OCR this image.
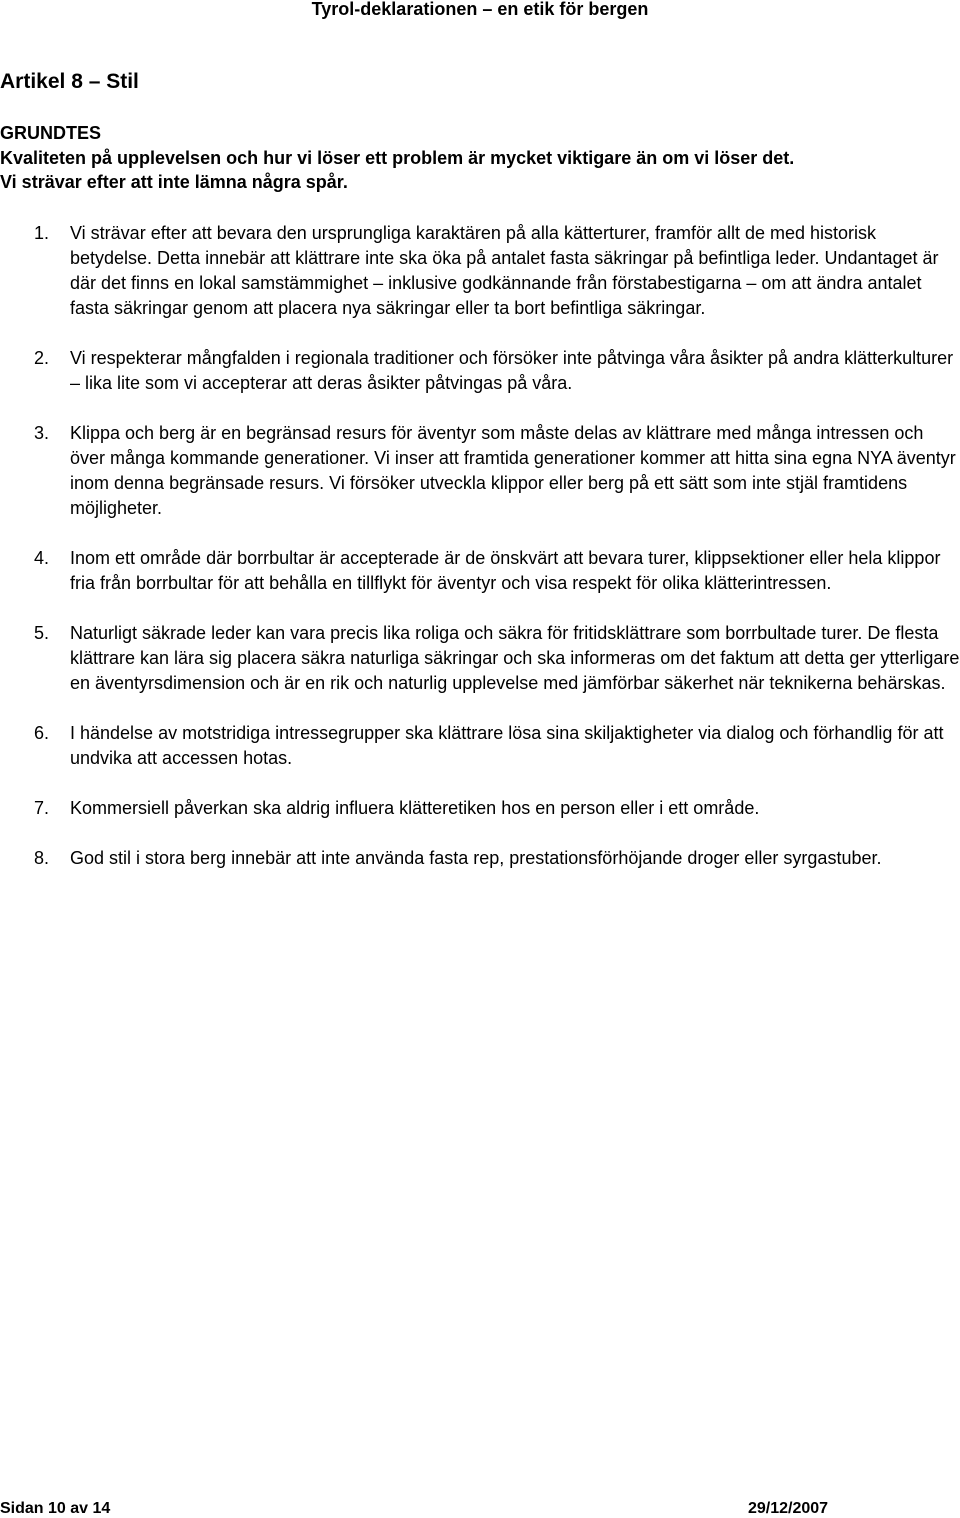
Tyrol-deklarationen – en etik för bergen
Artikel 8 – Stil
GRUNDTES
Kvaliteten på upplevelsen och hur vi löser ett problem är mycket viktigare än om vi löser det.
Vi strävar efter att inte lämna några spår.
1. Vi strävar efter att bevara den ursprungliga karaktären på alla kätterturer, framför allt de med historisk betydelse. Detta innebär att klättrare inte ska öka på antalet fasta säkringar på befintliga leder. Undantaget är där det finns en lokal samstämmighet – inklusive godkännande från förstabestigarna – om att ändra antalet fasta säkringar genom att placera nya säkringar eller ta bort befintliga säkringar.
2. Vi respekterar mångfalden i regionala traditioner och försöker inte påtvinga våra åsikter på andra klätterkulturer – lika lite som vi accepterar att deras åsikter påtvingas på våra.
3. Klippa och berg är en begränsad resurs för äventyr som måste delas av klättrare med många intressen och över många kommande generationer. Vi inser att framtida generationer kommer att hitta sina egna NYA äventyr inom denna begränsade resurs. Vi försöker utveckla klippor eller berg på ett sätt som inte stjäl framtidens möjligheter.
4. Inom ett område där borrbultar är accepterade är de önskvärt att bevara turer, klippsektioner eller hela klippor fria från borrbultar för att behålla en tillflykt för äventyr och visa respekt för olika klätterintressen.
5. Naturligt säkrade leder kan vara precis lika roliga och säkra för fritidsklättrare som borrbultade turer. De flesta klättrare kan lära sig placera säkra naturliga säkringar och ska informeras om det faktum att detta ger ytterligare en äventyrsdimension och är en rik och naturlig upplevelse med jämförbar säkerhet när teknikerna behärskas.
6. I händelse av motstridiga intressegrupper ska klättrare lösa sina skiljaktigheter via dialog och förhandlig för att undvika att accessen hotas.
7. Kommersiell påverkan ska aldrig influera klätteretiken hos en person eller i ett område.
8. God stil i stora berg innebär att inte använda fasta rep, prestationsförhöjande droger eller syrgastuber.
Sidan 10 av 14	29/12/2007
